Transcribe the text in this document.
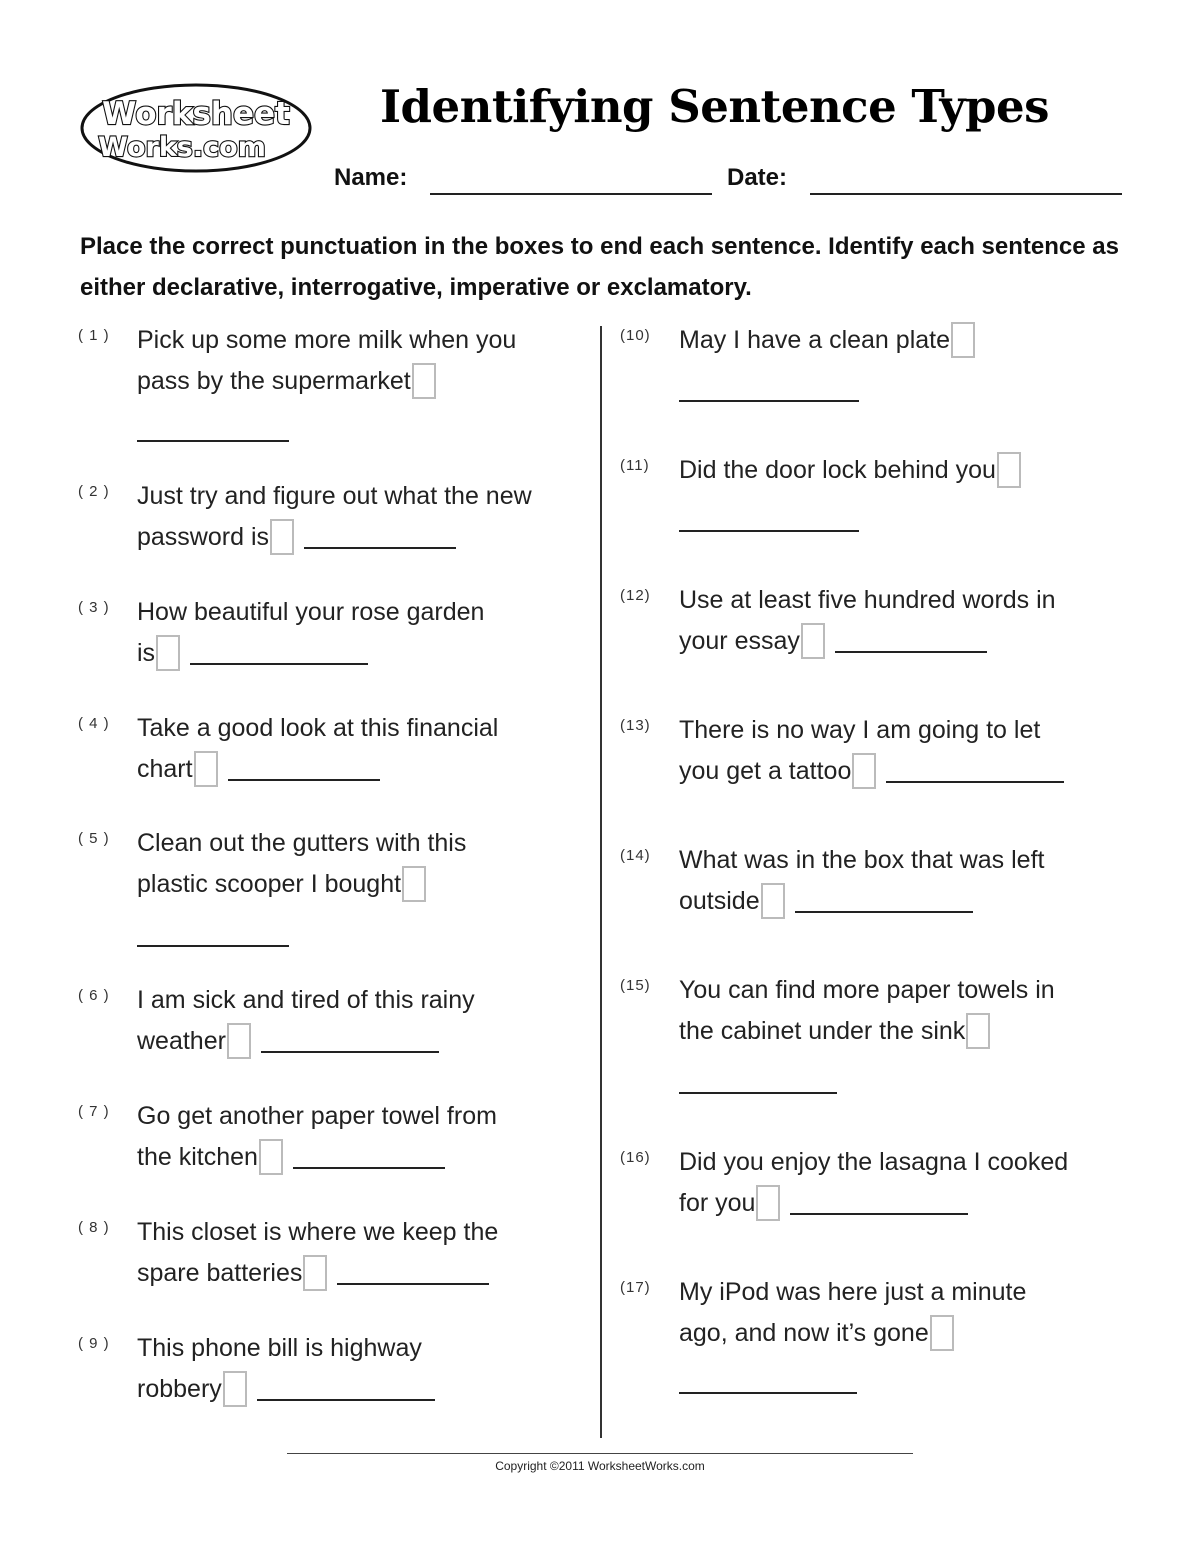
Worksheet
Works.com
Identifying Sentence Types
Name:	Date:

Place the correct punctuation in the boxes to end each sentence. Identify each sentence as either declarative, interrogative, imperative or exclamatory.

( 1 ) Pick up some more milk when you
pass by the supermarket

( 2 ) Just try and figure out what the new
password is

( 3 ) How beautiful your rose garden
is

( 4 ) Take a good look at this financial
chart

( 5 ) Clean out the gutters with this
plastic scooper I bought

( 6 ) I am sick and tired of this rainy
weather

( 7 ) Go get another paper towel from
the kitchen

( 8 ) This closet is where we keep the
spare batteries

( 9 ) This phone bill is highway
robbery

(10) May I have a clean plate

(11) Did the door lock behind you

(12) Use at least five hundred words in
your essay

(13) There is no way I am going to let
you get a tattoo

(14) What was in the box that was left
outside

(15) You can find more paper towels in
the cabinet under the sink

(16) Did you enjoy the lasagna I cooked
for you

(17) My iPod was here just a minute
ago, and now it’s gone

Copyright ©2011 WorksheetWorks.com
